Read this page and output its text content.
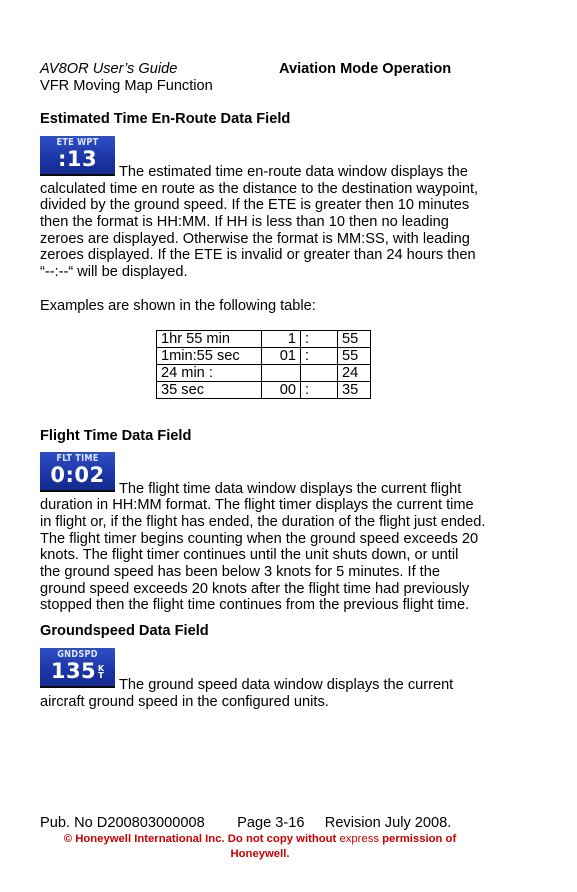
AV8OR User’s Guide	Aviation Mode Operation
VFR Moving Map Function
Estimated Time En-Route Data Field
ETE WPT
:13
The estimated time en-route data window displays the
calculated time en route as the distance to the destination waypoint,
divided by the ground speed. If the ETE is greater then 10 minutes
then the format is HH:MM. If HH is less than 10 then no leading
zeroes are displayed. Otherwise the format is MM:SS, with leading
zeroes displayed. If the ETE is invalid or greater than 24 hours then
“--:--“ will be displayed.
Examples are shown in the following table:
1hr 55 min	1	:	55
1min:55 sec	01	:	55
24 min :			24
35 sec	00	:	35
Flight Time Data Field
FLT TIME
0:02
The flight time data window displays the current flight
duration in HH:MM format. The flight timer displays the current time
in flight or, if the flight has ended, the duration of the flight just ended.
The flight timer begins counting when the ground speed exceeds 20
knots. The flight timer continues until the unit shuts down, or until
the ground speed has been below 3 knots for 5 minutes. If the
ground speed exceeds 20 knots after the flight time had previously
stopped then the flight time continues from the previous flight time.
Groundspeed Data Field
GNDSPD
135 KT
The ground speed data window displays the current
aircraft ground speed in the configured units.
Pub. No D200803000008        Page 3-16     Revision July 2008.
© Honeywell International Inc. Do not copy without express permission of
Honeywell.
